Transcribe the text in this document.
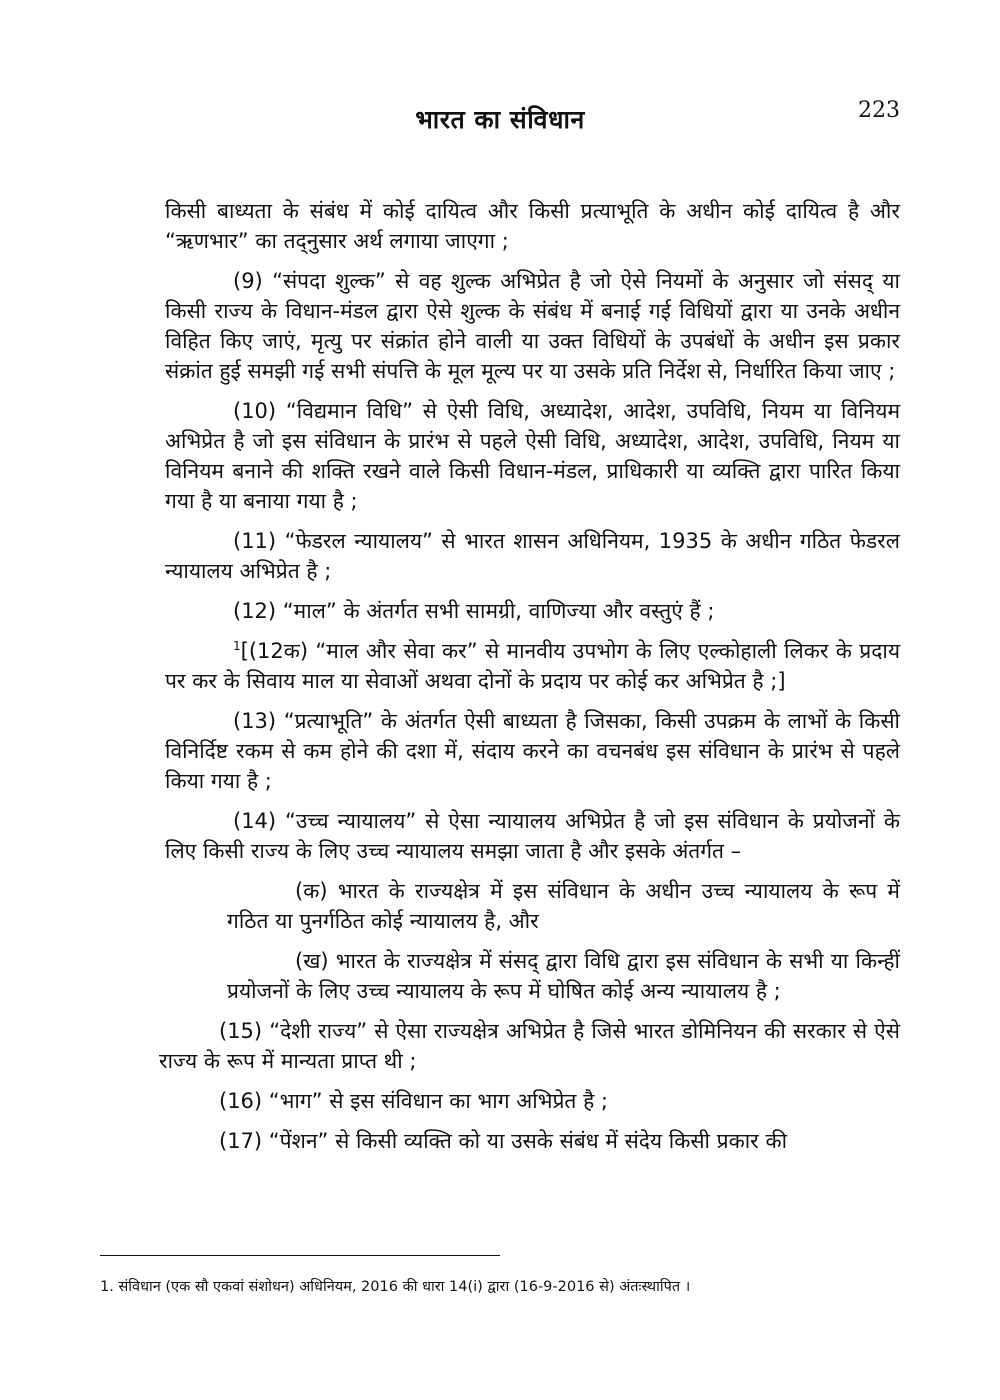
भारत का संविधान	223

किसी बाध्यता के संबंध में कोई दायित्व और किसी प्रत्याभूति के अधीन कोई दायित्व है और “ऋणभार” का तद्नुसार अर्थ लगाया जाएगा ;

(9) “संपदा शुल्क” से वह शुल्क अभिप्रेत है जो ऐसे नियमों के अनुसार जो संसद् या किसी राज्य के विधान-मंडल द्वारा ऐसे शुल्क के संबंध में बनाई गई विधियों द्वारा या उनके अधीन विहित किए जाएं, मृत्यु पर संक्रांत होने वाली या उक्त विधियों के उपबंधों के अधीन इस प्रकार संक्रांत हुई समझी गई सभी संपत्ति के मूल मूल्य पर या उसके प्रति निर्देश से, निर्धारित किया जाए ;

(10) “विद्यमान विधि” से ऐसी विधि, अध्यादेश, आदेश, उपविधि, नियम या विनियम अभिप्रेत है जो इस संविधान के प्रारंभ से पहले ऐसी विधि, अध्यादेश, आदेश, उपविधि, नियम या विनियम बनाने की शक्ति रखने वाले किसी विधान-मंडल, प्राधिकारी या व्यक्ति द्वारा पारित किया गया है या बनाया गया है ;

(11) “फेडरल न्यायालय” से भारत शासन अधिनियम, 1935 के अधीन गठित फेडरल न्यायालय अभिप्रेत है ;

(12) “माल” के अंतर्गत सभी सामग्री, वाणिज्या और वस्तुएं हैं ;

$^1$[(12क) “माल और सेवा कर” से मानवीय उपभोग के लिए एल्कोहाली लिकर के प्रदाय पर कर के सिवाय माल या सेवाओं अथवा दोनों के प्रदाय पर कोई कर अभिप्रेत है ;]

(13) “प्रत्याभूति” के अंतर्गत ऐसी बाध्यता है जिसका, किसी उपक्रम के लाभों के किसी विनिर्दिष्ट रकम से कम होने की दशा में, संदाय करने का वचनबंध इस संविधान के प्रारंभ से पहले किया गया है ;

(14) “उच्च न्यायालय” से ऐसा न्यायालय अभिप्रेत है जो इस संविधान के प्रयोजनों के लिए किसी राज्य के लिए उच्च न्यायालय समझा जाता है और इसके अंतर्गत –

(क) भारत के राज्यक्षेत्र में इस संविधान के अधीन उच्च न्यायालय के रूप में गठित या पुनर्गठित कोई न्यायालय है, और

(ख) भारत के राज्यक्षेत्र में संसद् द्वारा विधि द्वारा इस संविधान के सभी या किन्हीं प्रयोजनों के लिए उच्च न्यायालय के रूप में घोषित कोई अन्य न्यायालय है ;

(15) “देशी राज्य” से ऐसा राज्यक्षेत्र अभिप्रेत है जिसे भारत डोमिनियन की सरकार से ऐसे राज्य के रूप में मान्यता प्राप्त थी ;

(16) “भाग” से इस संविधान का भाग अभिप्रेत है ;

(17) “पेंशन” से किसी व्यक्ति को या उसके संबंध में संदेय किसी प्रकार की

1. संविधान (एक सौ एकवां संशोधन) अधिनियम, 2016 की धारा 14(i) द्वारा (16-9-2016 से) अंतःस्थापित ।
